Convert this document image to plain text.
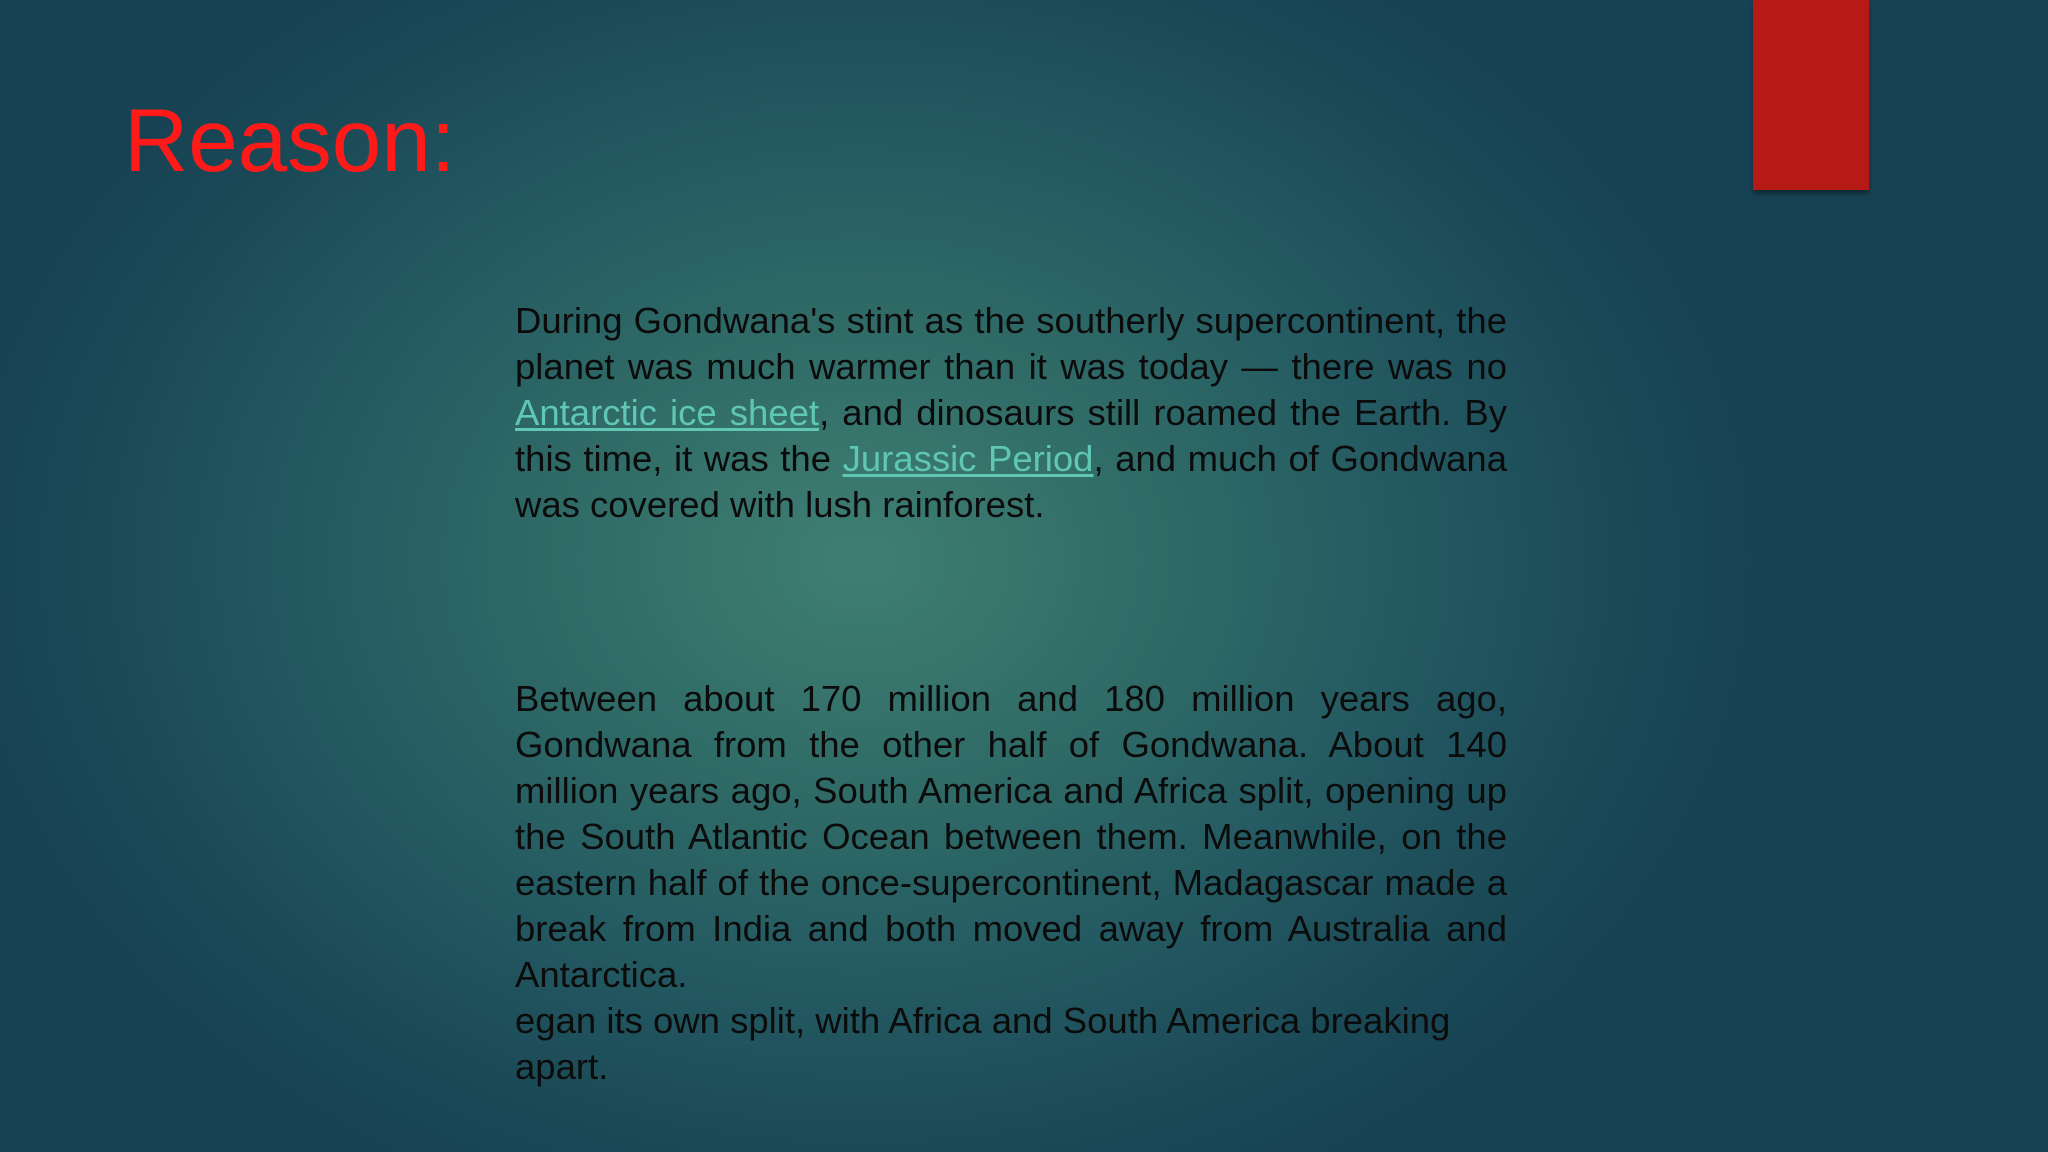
Reason:

During Gondwana's stint as the southerly supercontinent, the planet was much warmer than it was today — there was no Antarctic ice sheet, and dinosaurs still roamed the Earth. By this time, it was the Jurassic Period, and much of Gondwana was covered with lush rainforest.

Between about 170 million and 180 million years ago, Gondwana from the other half of Gondwana. About 140 million years ago, South America and Africa split, opening up the South Atlantic Ocean between them. Meanwhile, on the eastern half of the once-supercontinent, Madagascar made a break from India and both moved away from Australia and Antarctica.

egan its own split, with Africa and South America breaking apart.
